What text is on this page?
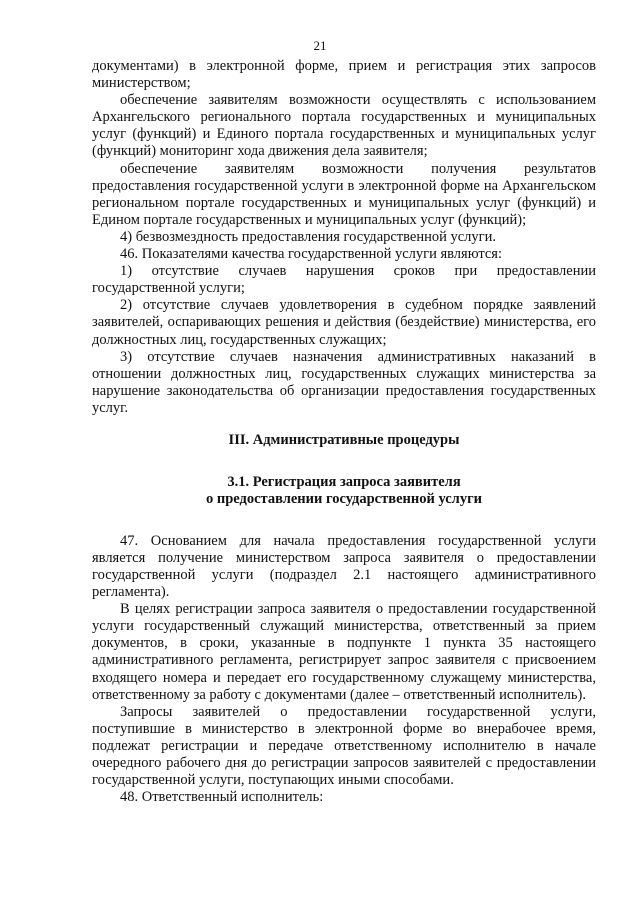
21

документами) в электронной форме, прием и регистрация этих запросов министерством;

обеспечение заявителям возможности осуществлять с использованием Архангельского регионального портала государственных и муниципальных услуг (функций) и Единого портала государственных и муниципальных услуг (функций) мониторинг хода движения дела заявителя;

обеспечение заявителям возможности получения результатов предоставления государственной услуги в электронной форме на Архангельском региональном портале государственных и муниципальных услуг (функций) и Едином портале государственных и муниципальных услуг (функций);

4) безвозмездность предоставления государственной услуги.

46. Показателями качества государственной услуги являются:

1) отсутствие случаев нарушения сроков при предоставлении государственной услуги;

2) отсутствие случаев удовлетворения в судебном порядке заявлений заявителей, оспаривающих решения и действия (бездействие) министерства, его должностных лиц, государственных служащих;

3) отсутствие случаев назначения административных наказаний в отношении должностных лиц, государственных служащих министерства за нарушение законодательства об организации предоставления государственных услуг.

III. Административные процедуры

3.1. Регистрация запроса заявителя

о предоставлении государственной услуги

47. Основанием для начала предоставления государственной услуги является получение министерством запроса заявителя о предоставлении государственной услуги (подраздел 2.1 настоящего административного регламента).

В целях регистрации запроса заявителя о предоставлении государственной услуги государственный служащий министерства, ответственный за прием документов, в сроки, указанные в подпункте 1 пункта 35 настоящего административного регламента, регистрирует запрос заявителя с присвоением входящего номера и передает его государственному служащему министерства, ответственному за работу с документами (далее – ответственный исполнитель).

Запросы заявителей о предоставлении государственной услуги, поступившие в министерство в электронной форме во внерабочее время, подлежат регистрации и передаче ответственному исполнителю в начале очередного рабочего дня до регистрации запросов заявителей с предоставлении государственной услуги, поступающих иными способами.

48. Ответственный исполнитель:
